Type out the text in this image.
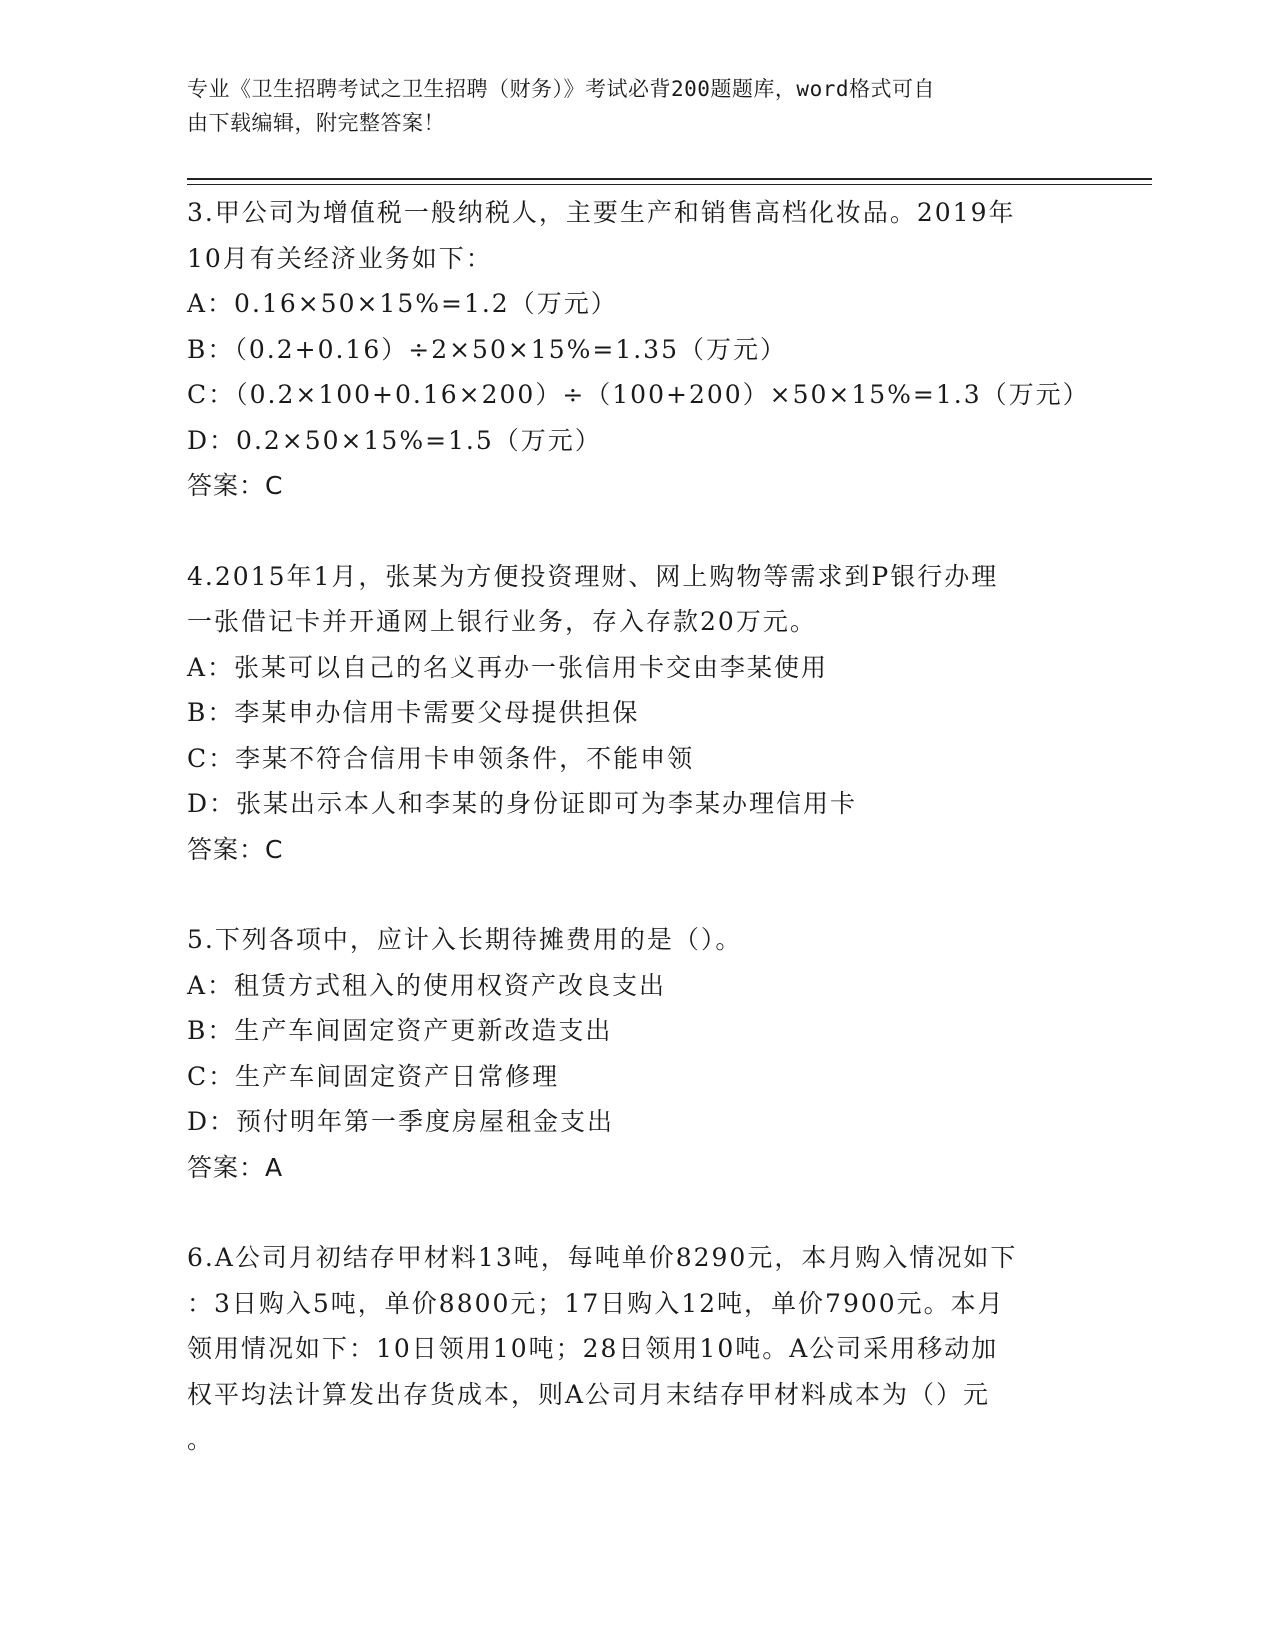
专业《卫生招聘考试之卫生招聘（财务）》考试必背200题题库，word格式可自
由下载编辑，附完整答案！
3.甲公司为增值税一般纳税人，主要生产和销售高档化妆品。2019年
10月有关经济业务如下：
A：0.16×50×15%=1.2（万元）
B：（0.2+0.16）÷2×50×15%=1.35（万元）
C：（0.2×100+0.16×200）÷（100+200）×50×15%=1.3（万元）
D：0.2×50×15%=1.5（万元）
答案：C
4.2015年1月，张某为方便投资理财、网上购物等需求到P银行办理
一张借记卡并开通网上银行业务，存入存款20万元。
A：张某可以自己的名义再办一张信用卡交由李某使用
B：李某申办信用卡需要父母提供担保
C：李某不符合信用卡申领条件，不能申领
D：张某出示本人和李某的身份证即可为李某办理信用卡
答案：C
5.下列各项中，应计入长期待摊费用的是（）。
A：租赁方式租入的使用权资产改良支出
B：生产车间固定资产更新改造支出
C：生产车间固定资产日常修理
D：预付明年第一季度房屋租金支出
答案：A
6.A公司月初结存甲材料13吨，每吨单价8290元，本月购入情况如下
：3日购入5吨，单价8800元；17日购入12吨，单价7900元。本月
领用情况如下：10日领用10吨；28日领用10吨。A公司采用移动加
权平均法计算发出存货成本，则A公司月末结存甲材料成本为（）元
。
